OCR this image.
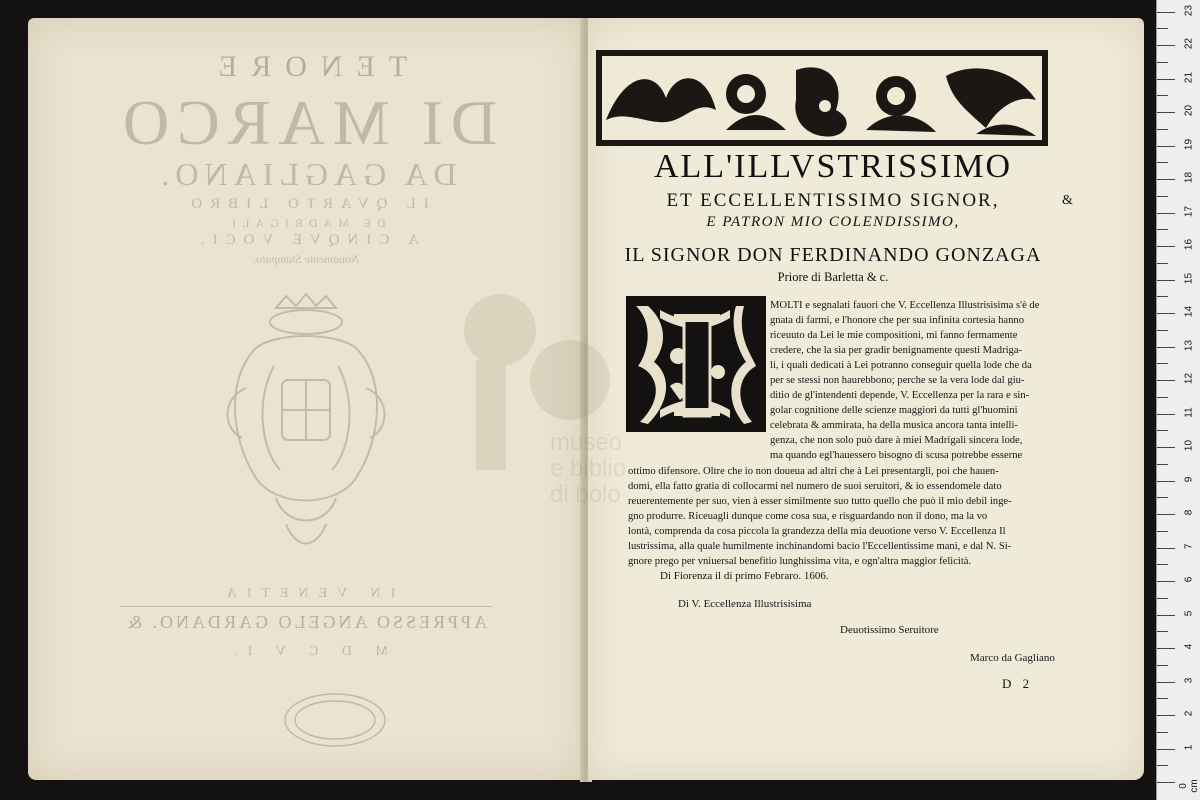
TENORE
DI MARCO
DA GAGLIANO.
IL QVARTO LIBRO
DE MADRIGALI
A CINQVE VOCI.
Nouamente Stampato.
IN VENETIA
APPRESSO ANGELO GARDANO. &
M D C V I.
museo
e biblio
di bolo
ALL'ILLVSTRISSIMO
ET ECCELLENTISSIMO SIGNOR,	&
E PATRON MIO COLENDISSIMO,
IL SIGNOR DON FERDINANDO GONZAGA
Priore di Barletta & c.
MOLTI e segnalati fauori che V. Eccellenza Illustrisisima s'è de
gnata di farmi, e l'honore che per sua infinita cortesia hanno
riceuuto da Lei le mie compositioni, mi fanno fermamente
credere, che la sia per gradir benignamente questi Madriga-
li, i quali dedicati à Lei potranno conseguir quella lode che da
per se stessi non haurebbono; perche se la vera lode dal giu-
ditio de gl'intendenti depende, V. Eccellenza per la rara e sin-
golar cognitione delle scienze maggiori da tutti gl'huomini
celebrata & ammirata, ha della musica ancora tanta intelli-
genza, che non solo può dare à miei Madrigali sincera lode,
ma quando egl'hauessero bisogno di scusa potrebbe esserne
ottimo difensore. Oltre che io non doueua ad altri che à Lei presentargli, poi che hauen-
domi, ella fatto gratia di collocarmi nel numero de suoi seruitori, & io essendomele dato
reuerentemente per suo, vien à esser similmente suo tutto quello che può il mio debil inge-
gno produrre. Riceuagli dunque come cosa sua, e risguardando non il dono, ma la vo
lontà, comprenda da cosa piccola la grandezza della mia deuotione verso V. Eccellenza Il
lustrissima, alla quale humilmente inchinandomi bacio l'Eccellentissime mani, e dal N. Si-
gnore prego per vniuersal benefitio lunghissima vita, e ogn'altra maggior felicità.
Di Fiorenza il di primo Febraro. 1606.
Di V. Eccellenza Illustrisisima
Deuotissimo Seruitore
Marco da Gagliano
D 2
0 cm
1
2
3
4
5
6
7
8
9
10
11
12
13
14
15
16
17
18
19
20
21
22
23
